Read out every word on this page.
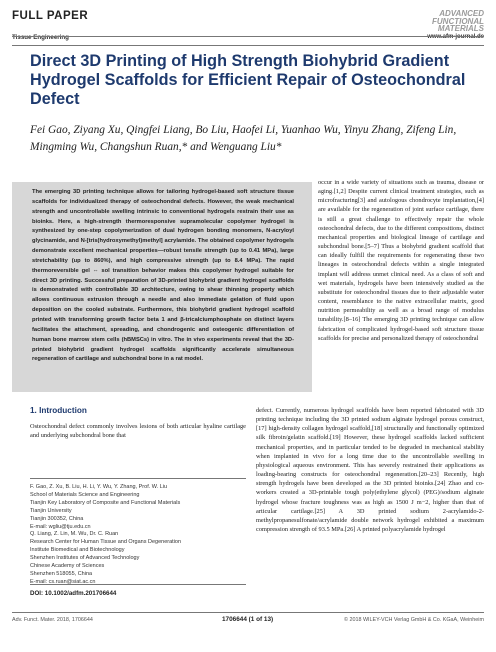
FULL PAPER
Tissue Engineering
ADVANCED
FUNCTIONAL
MATERIALS
www.afm-journal.de
Direct 3D Printing of High Strength Biohybrid Gradient Hydrogel Scaffolds for Efficient Repair of Osteochondral Defect
Fei Gao, Ziyang Xu, Qingfei Liang, Bo Liu, Haofei Li, Yuanhao Wu, Yinyu Zhang, Zifeng Lin, Mingming Wu, Changshun Ruan,* and Wenguang Liu*
The emerging 3D printing technique allows for tailoring hydrogel-based soft structure tissue scaffolds for individualized therapy of osteochondral defects. However, the weak mechanical strength and uncontrollable swelling intrinsic to conventional hydrogels restrain their use as bioinks. Here, a high-strength thermoresponsive supramolecular copolymer hydrogel is synthesized by one-step copolymerization of dual hydrogen bonding monomers, N-acryloyl glycinamide, and N-[tris(hydroxymethyl)methyl] acrylamide. The obtained copolymer hydrogels demonstrate excellent mechanical properties—robust tensile strength (up to 0.41 MPa), large stretchability (up to 860%), and high compressive strength (up to 8.4 MPa). The rapid thermoreversible gel ⇔ sol transition behavior makes this copolymer hydrogel suitable for direct 3D printing. Successful preparation of 3D-printed biohybrid gradient hydrogel scaffolds is demonstrated with controllable 3D architecture, owing to shear thinning property which allows continuous extrusion through a needle and also immediate gelation of fluid upon deposition on the cooled substrate. Furthermore, this biohybrid gradient hydrogel scaffold printed with transforming growth factor beta 1 and β-tricalciumphosphate on distinct layers facilitates the attachment, spreading, and chondrogenic and osteogenic differentiation of human bone marrow stem cells (hBMSCs) in vitro. The in vivo experiments reveal that the 3D-printed biohybrid gradient hydrogel scaffolds significantly accelerate simultaneous regeneration of cartilage and subchondral bone in a rat model.
occur in a wide variety of situations such as trauma, disease or aging.[1,2] Despite current clinical treatment strategies, such as microfracturing[3] and autologous chondrocyte implantation,[4] are available for the regeneration of joint surface cartilage, there is still a great challenge to effectively repair the whole osteochondral defects, due to the different compositions, distinct mechanical properties and biological lineage of cartilage and subchondral bone.[5–7] Thus a biohybrid gradient scaffold that can ideally fulfill the requirements for regenerating these two lineages in osteochondral defects within a single integrated implant will address unmet clinical need. As a class of soft and wet materials, hydrogels have been intensively studied as the substitute for osteochondral tissues due to their adjustable water content, resemblance to the native extracellular matrix, good nutrition permeability as well as a broad range of modulus tunability.[8–16] The emerging 3D printing technique can allow fabrication of complicated hydrogel-based soft structure tissue scaffolds for precise and personalized therapy of osteochondral
1. Introduction
Osteochondral defect commonly involves lesions of both articular hyaline cartilage and underlying subchondral bone that
defect. Currently, numerous hydrogel scaffolds have been reported fabricated with 3D printing technique including the 3D printed sodium alginate hydrogel porous construct,[17] high-density collagen hydrogel scaffold,[18] structurally and functionally optimized silk fibroin/gelatin scaffold.[19] However, these hydrogel scaffolds lacked sufficient mechanical properties, and in particular tended to be degraded in mechanical stability when implanted in vivo for a long time due to the uncontrollable swelling in physiological aqueous environment. This has severely restrained their applications as loading-bearing constructs for osteochondral regeneration.[20–23] Recently, high strength hydrogels have been developed as the 3D printed bioinks.[24] Zhao and co-workers created a 3D-printable tough poly(ethylene glycol) (PEG)/sodium alginate hydrogel whose fracture toughness was as high as 1500 J m−2, higher than that of articular cartilage.[25] A 3D printed sodium 2-acrylamido-2-methylpropanesulfonate/acrylamide double network hydrogel exhibited a maximum compression strength of 93.5 MPa.[26] A printed polyacrylamide hydrogel
F. Gao, Z. Xu, B. Liu, H. Li, Y. Wu, Y. Zhang, Prof. W. Liu
School of Materials Science and Engineering
Tianjin Key Laboratory of Composite and Functional Materials
Tianjin University
Tianjin 300352, China
E-mail: wgliu@tju.edu.cn
Q. Liang, Z. Lin, M. Wu, Dr. C. Ruan
Research Center for Human Tissue and Organs Degeneration
Institute Biomedical and Biotechnology
Shenzhen Institutes of Advanced Technology
Chinese Academy of Sciences
Shenzhen 518055, China
E-mail: cs.ruan@siat.ac.cn
DOI: 10.1002/adfm.201706644
Adv. Funct. Mater. 2018, 1706644	1706644 (1 of 13)	© 2018 WILEY-VCH Verlag GmbH & Co. KGaA, Weinheim
